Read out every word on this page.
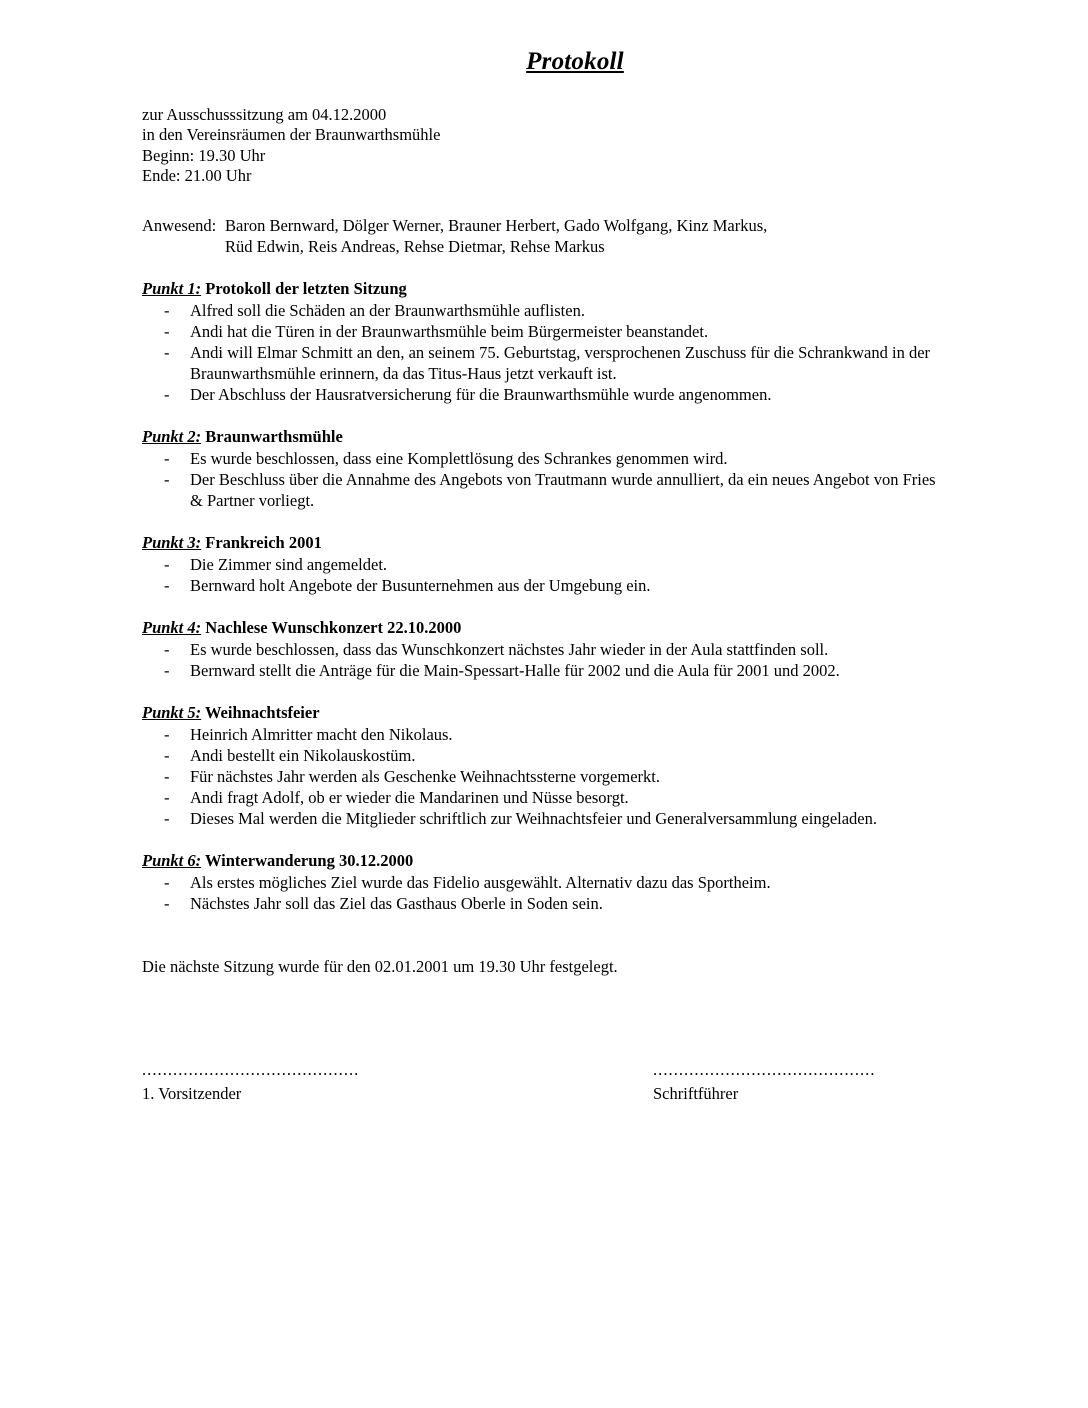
Protokoll
zur Ausschusssitzung am 04.12.2000
in den Vereinsräumen der Braunwarthsmühle
Beginn: 19.30 Uhr
Ende: 21.00 Uhr
Anwesend: Baron Bernward, Dölger Werner, Brauner Herbert, Gado Wolfgang, Kinz Markus,
Rüd Edwin, Reis Andreas, Rehse Dietmar, Rehse Markus
Punkt 1: Protokoll der letzten Sitzung
- Alfred soll die Schäden an der Braunwarthsmühle auflisten.
- Andi hat die Türen in der Braunwarthsmühle beim Bürgermeister beanstandet.
- Andi will Elmar Schmitt an den, an seinem 75. Geburtstag, versprochenen Zuschuss für die Schrankwand in der Braunwarthsmühle erinnern, da das Titus-Haus jetzt verkauft ist.
- Der Abschluss der Hausratversicherung für die Braunwarthsmühle wurde angenommen.
Punkt 2: Braunwarthsmühle
- Es wurde beschlossen, dass eine Komplettlösung des Schrankes genommen wird.
- Der Beschluss über die Annahme des Angebots von Trautmann wurde annulliert, da ein neues Angebot von Fries & Partner vorliegt.
Punkt 3: Frankreich 2001
- Die Zimmer sind angemeldet.
- Bernward holt Angebote der Busunternehmen aus der Umgebung ein.
Punkt 4: Nachlese Wunschkonzert 22.10.2000
- Es wurde beschlossen, dass das Wunschkonzert nächstes Jahr wieder in der Aula stattfinden soll.
- Bernward stellt die Anträge für die Main-Spessart-Halle für 2002 und die Aula für 2001 und 2002.
Punkt 5: Weihnachtsfeier
- Heinrich Almritter macht den Nikolaus.
- Andi bestellt ein Nikolauskostüm.
- Für nächstes Jahr werden als Geschenke Weihnachtssterne vorgemerkt.
- Andi fragt Adolf, ob er wieder die Mandarinen und Nüsse besorgt.
- Dieses Mal werden die Mitglieder schriftlich zur Weihnachtsfeier und Generalversammlung eingeladen.
Punkt 6: Winterwanderung 30.12.2000
- Als erstes mögliches Ziel wurde das Fidelio ausgewählt. Alternativ dazu das Sportheim.
- Nächstes Jahr soll das Ziel das Gasthaus Oberle in Soden sein.
Die nächste Sitzung wurde für den 02.01.2001 um 19.30 Uhr festgelegt.
..........................................
1. Vorsitzender
...........................................
Schriftführer
